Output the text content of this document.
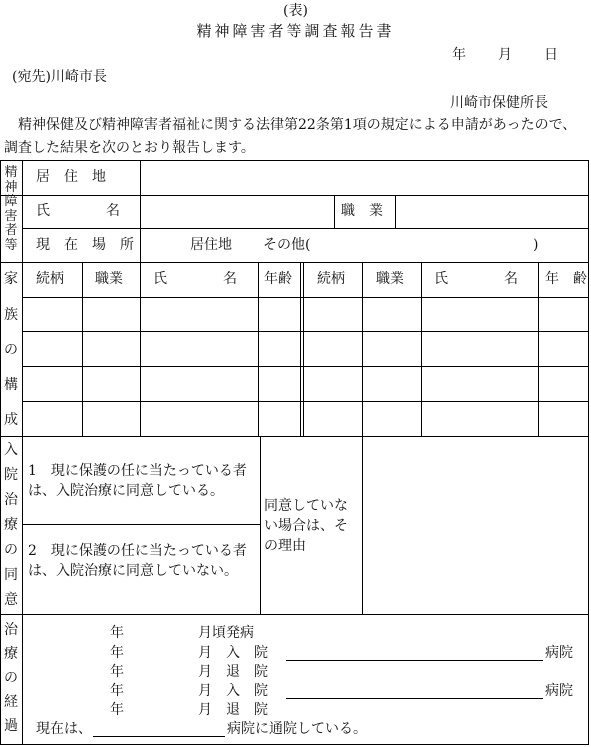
(表)
精神障害者等調査報告書
年 月 日
(宛先)川崎市長
川崎市保健所長
　精神保健及び精神障害者福祉に関する法律第22条第1項の規定による申請があったので、調査した結果を次のとおり報告します。
精
神
障
害
者
等
居　住　地
氏　　　　名	職　業
現　在　場　所	居住地 その他(	)
家
族
の
構
成
続柄 職業 氏　　　　名 年齢 続柄 職業 氏　　　　名 年　齢
入
院
治
療
の
同
意
1　現に保護の任に当たっている者は、入院治療に同意している。
2　現に保護の任に当たっている者は、入院治療に同意していない。
同意していない場合は、その理由
治
療
の
経
過
年	月頃発病
年	月　入　院	病院
年	月　退　院
年	月　入　院	病院
年	月　退　院
現在は、	病院に通院している。
